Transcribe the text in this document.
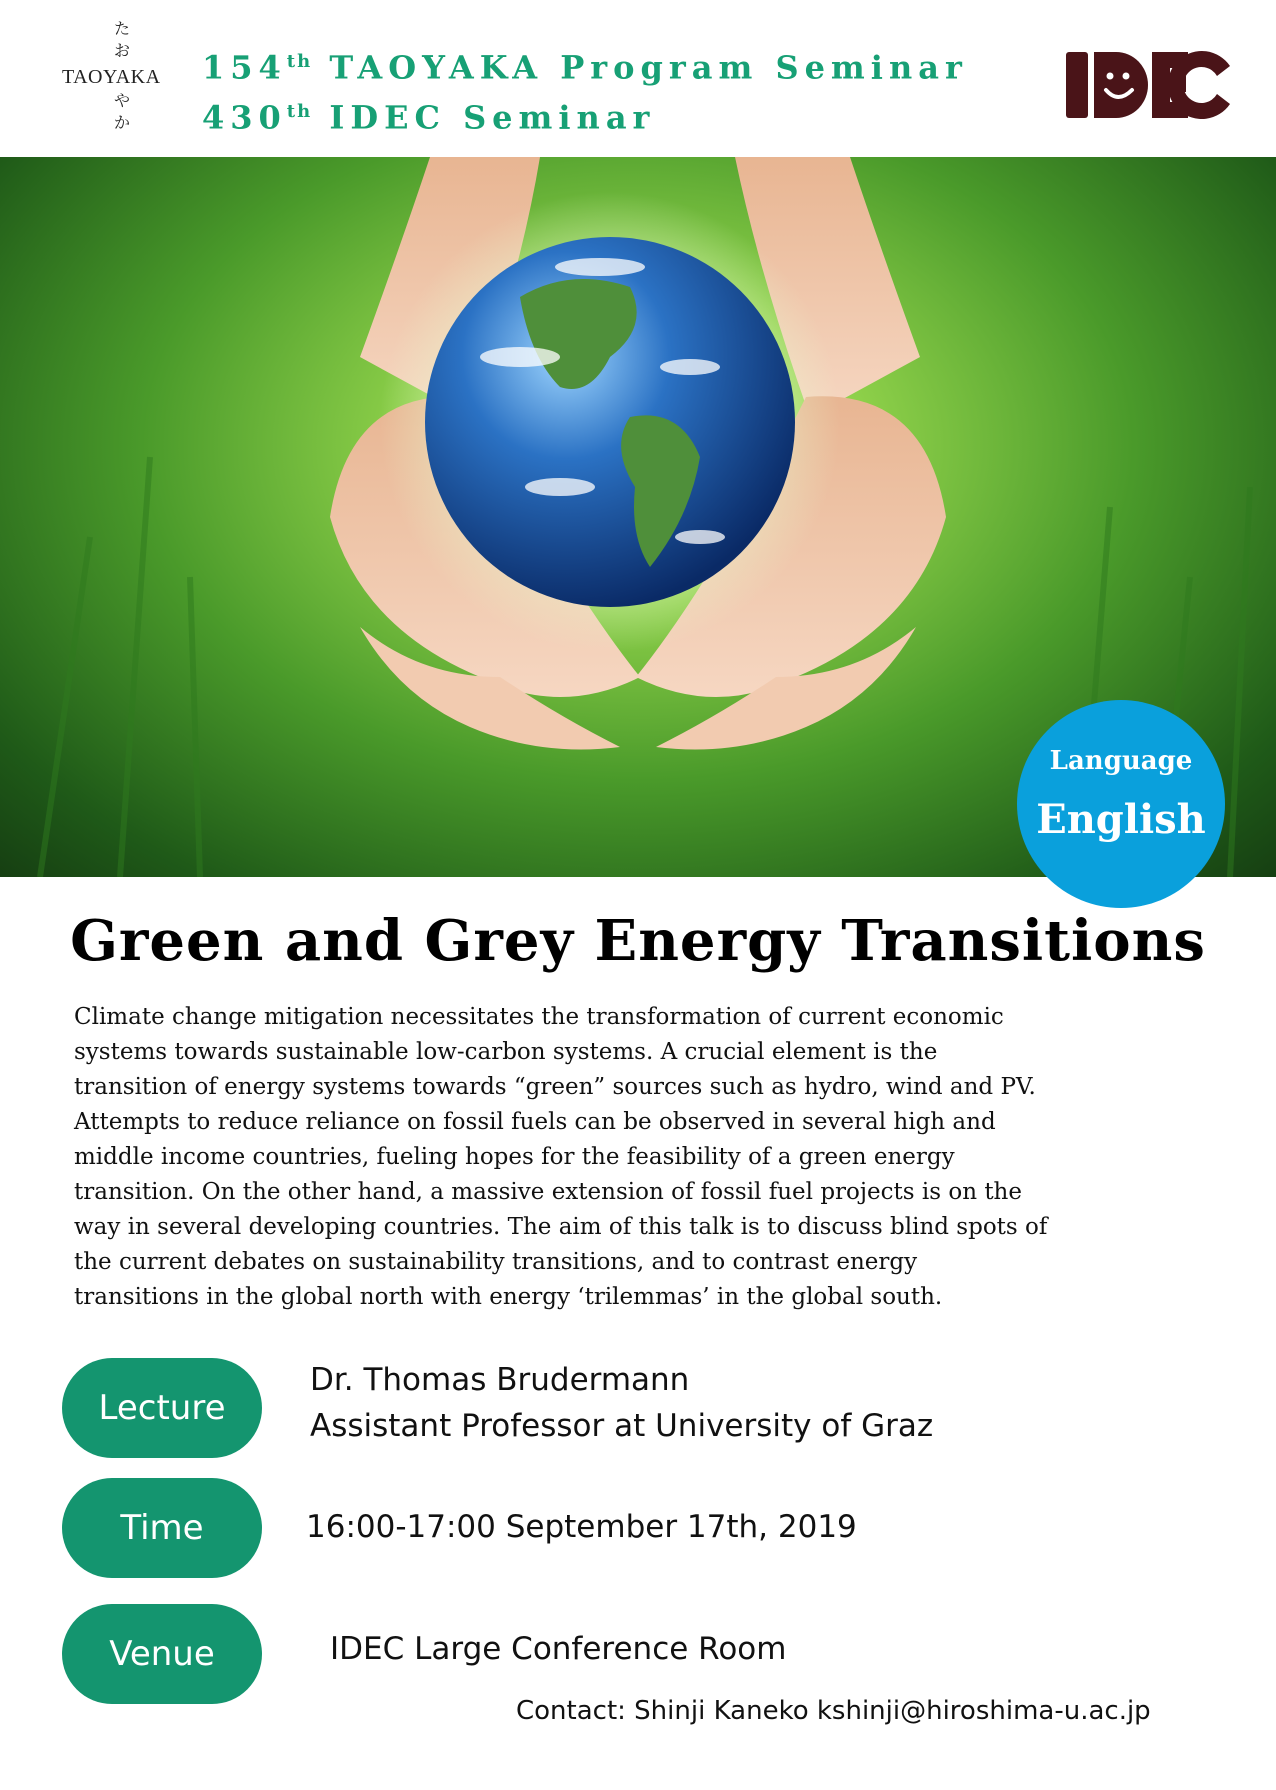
た
お
や
か
TAOYAKA 154th TAOYAKA Program Seminar
430th IDEC Seminar
Language
English
Green and Grey Energy Transitions

Climate change mitigation necessitates the transformation of current economic

systems towards sustainable low-carbon systems. A crucial element is the

transition of energy systems towards “green” sources such as hydro, wind and PV.

Attempts to reduce reliance on fossil fuels can be observed in several high and

middle income countries, fueling hopes for the feasibility of a green energy

transition. On the other hand, a massive extension of fossil fuel projects is on the

way in several developing countries. The aim of this talk is to discuss blind spots of

the current debates on sustainability transitions, and to contrast energy

transitions in the global north with energy ‘trilemmas’ in the global south.

Lecture
Dr. Thomas Brudermann
Assistant Professor at University of Graz
Time	16:00-17:00 September 17th, 2019
Venue	IDEC Large Conference Room
Contact: Shinji Kaneko kshinji@hiroshima-u.ac.jp
